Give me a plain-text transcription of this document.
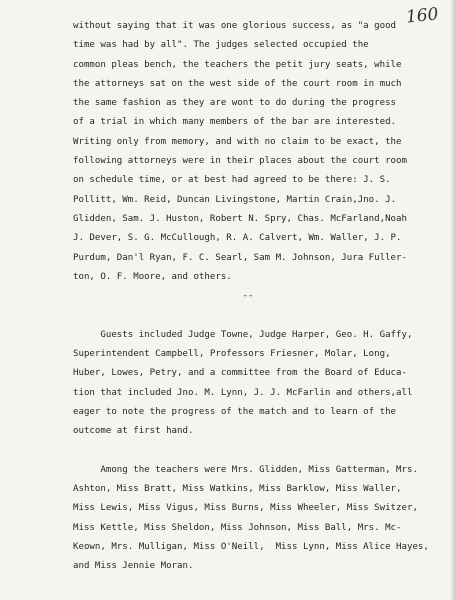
160
without saying that it was one glorious success, as "a good
time was had by all". The judges selected occupied the
common pleas bench, the teachers the petit jury seats, while
the attorneys sat on the west side of the court room in much
the same fashion as they are wont to do during the progress
of a trial in which many members of the bar are interested.
Writing only from memory, and with no claim to be exact, the
following attorneys were in their places about the court room
on schedule time, or at best had agreed to be there: J. S.
Pollitt, Wm. Reid, Duncan Livingstone, Martin Crain,Jno. J.
Glidden, Sam. J. Huston, Robert N. Spry, Chas. McFarland,Noah
J. Dever, S. G. McCullough, R. A. Calvert, Wm. Waller, J. P.
Purdum, Dan'l Ryan, F. C. Searl, Sam M. Johnson, Jura Fuller-
ton, O. F. Moore, and others.
--
Guests included Judge Towne, Judge Harper, Geo. H. Gaffy,
Superintendent Campbell, Professors Friesner, Molar, Long,
Huber, Lowes, Petry, and a committee from the Board of Educa-
tion that included Jno. M. Lynn, J. J. McFarlin and others,all
eager to note the progress of the match and to learn of the
outcome at first hand.
Among the teachers were Mrs. Glidden, Miss Gatterman, Mrs.
Ashton, Miss Bratt, Miss Watkins, Miss Barklow, Miss Waller,
Miss Lewis, Miss Vigus, Miss Burns, Miss Wheeler, Miss Switzer,
Miss Kettle, Miss Sheldon, Miss Johnson, Miss Ball, Mrs. Mc-
Keown, Mrs. Mulligan, Miss O'Neill,  Miss Lynn, Miss Alice Hayes,
and Miss Jennie Moran.
